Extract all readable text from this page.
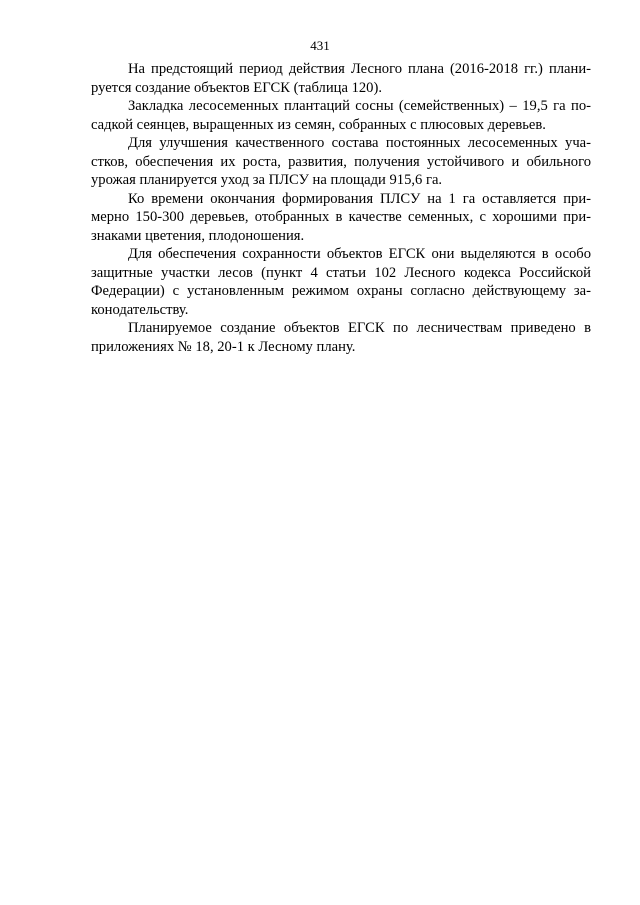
431
На предстоящий период действия Лесного плана (2016-2018 гг.) плани-
руется создание объектов ЕГСК (таблица 120).
Закладка лесосеменных плантаций сосны (семейственных) – 19,5 га по-
садкой сеянцев, выращенных из семян, собранных с плюсовых деревьев.
Для улучшения качественного состава постоянных лесосеменных уча-
стков, обеспечения их роста, развития, получения устойчивого и обильного
урожая планируется уход за ПЛСУ на площади 915,6 га.
Ко времени окончания формирования ПЛСУ на 1 га оставляется при-
мерно 150-300 деревьев, отобранных в качестве семенных, с хорошими при-
знаками цветения, плодоношения.
Для обеспечения сохранности объектов ЕГСК они выделяются в особо
защитные участки лесов (пункт 4 статьи 102 Лесного кодекса Российской
Федерации) с установленным режимом охраны согласно действующему за-
конодательству.
Планируемое создание объектов ЕГСК по лесничествам приведено в
приложениях № 18, 20-1 к Лесному плану.
